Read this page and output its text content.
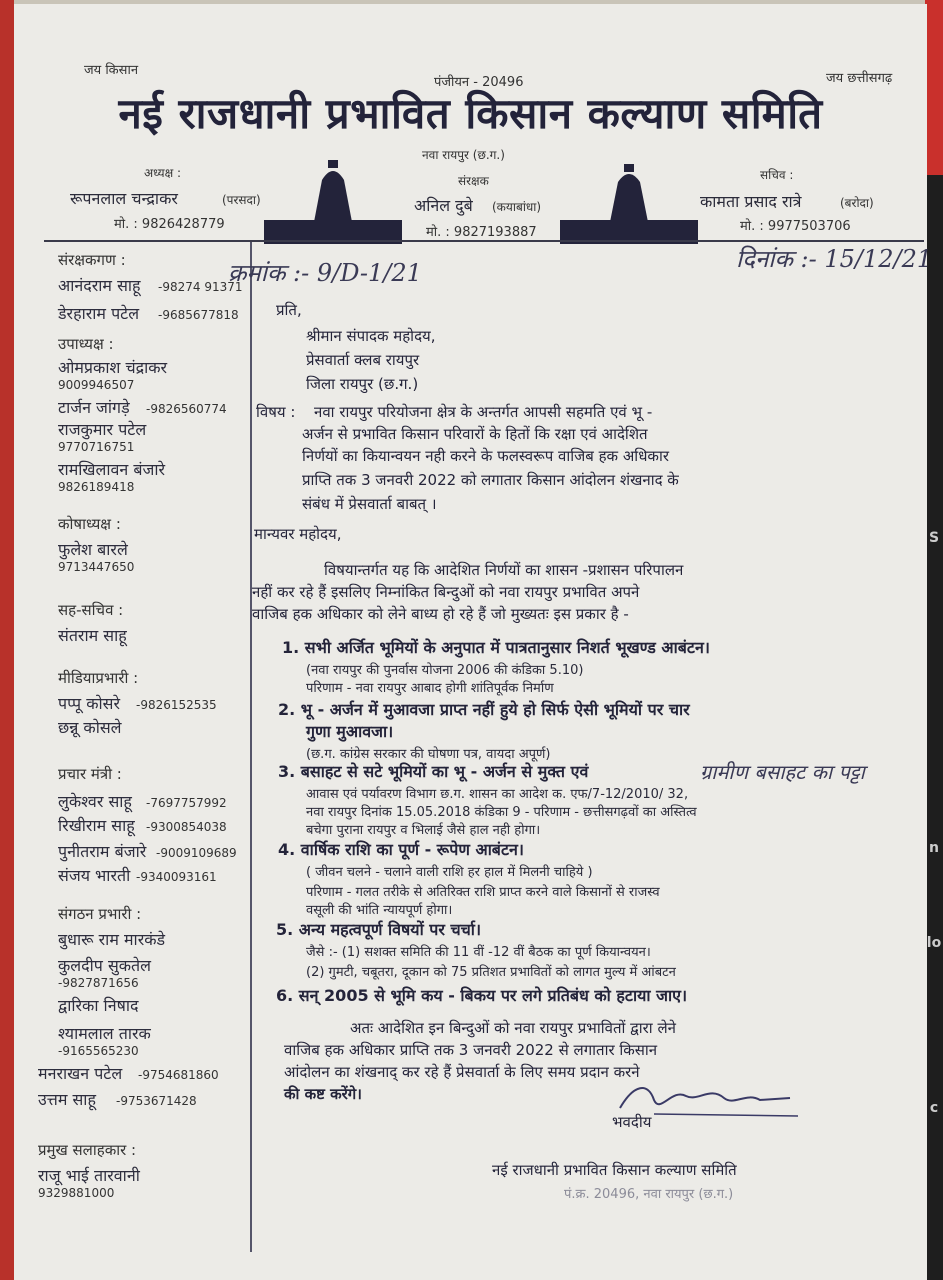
S
n
lo
c
जय किसान
जय छत्तीसगढ़
पंजीयन - 20496
नई राजधानी प्रभावित किसान कल्याण समिति
नवा रायपुर (छ.ग.)
अध्यक्ष :
रूपनलाल चन्द्राकर	(परसदा)
मो. : 9826428779
संरक्षक
अनिल दुबे (कयाबांधा)
मो. : 9827193887
सचिव :
कामता प्रसाद रात्रे	(बरोदा)
मो. : 9977503706
क्रमांक :- 9/D-1/21	दिनांक :- 15/12/21
संरक्षकगण :
आनंदराम साहू -98274 91371
डेरहाराम पटेल -9685677818
उपाध्यक्ष :
ओमप्रकाश चंद्राकर
9009946507
टार्जन जांगड़े -9826560774
राजकुमार पटेल
9770716751
रामखिलावन बंजारे
9826189418
कोषाध्यक्ष :
फुलेश बारले
9713447650
सह-सचिव :
संतराम साहू
मीडियाप्रभारी :
पप्पू कोसरे -9826152535
छन्नू कोसले
प्रचार मंत्री :
लुकेश्वर साहू -7697757992
रिखीराम साहू -9300854038
पुनीतराम बंजारे -9009109689
संजय भारती -9340093161
संगठन प्रभारी :
बुधारू राम मारकंडे
कुलदीप सुकतेल
-9827871656
द्वारिका निषाद
श्यामलाल तारक
-9165565230
मनराखन पटेल -9754681860
उत्तम साहू -9753671428
प्रमुख सलाहकार :
राजू भाई तारवानी
9329881000
प्रति,
श्रीमान संपादक महोदय,
प्रेसवार्ता क्लब रायपुर
जिला रायपुर (छ.ग.)
विषय : नवा रायपुर परियोजना क्षेत्र के अन्तर्गत आपसी सहमति एवं भू -
अर्जन से प्रभावित किसान परिवारों के हितों कि रक्षा एवं आदेशित
निर्णयों का कियान्वयन नही करने के फलस्वरूप वाजिब हक अधिकार
प्राप्ति तक 3 जनवरी 2022 को लगातार किसान आंदोलन शंखनाद के
संबंध में प्रेसवार्ता बाबत् ।
मान्यवर महोदय,
विषयान्तर्गत यह कि आदेशित निर्णयों का शासन -प्रशासन परिपालन
नहीं कर रहे हैं इसलिए निम्नांकित बिन्दुओं को नवा रायपुर प्रभावित अपने
वाजिब हक अधिकार को लेने बाध्य हो रहे हैं जो मुख्यतः इस प्रकार है -
1. सभी अर्जित भूमियों के अनुपात में पात्रतानुसार निशर्त भूखण्ड आबंटन।
(नवा रायपुर की पुनर्वास योजना 2006 की कंडिका 5.10)
परिणाम - नवा रायपुर आबाद होगी शांतिपूर्वक निर्माण
2. भू - अर्जन में मुआवजा प्राप्त नहीं हुये हो सिर्फ ऐसी भूमियों पर चार
गुणा मुआवजा।
(छ.ग. कांग्रेस सरकार की घोषणा पत्र, वायदा अपूर्ण)
3. बसाहट से सटे भूमियों का भू - अर्जन से मुक्त एवं	ग्रामीण बसाहट का पट्टा
आवास एवं पर्यावरण विभाग छ.ग. शासन का आदेश क. एफ/7-12/2010/ 32,
नवा रायपुर दिनांक 15.05.2018 कंडिका 9 - परिणाम - छत्तीसगढ़वों का अस्तित्व
बचेगा पुराना रायपुर व भिलाई जैसे हाल नही होगा।
4. वार्षिक राशि का पूर्ण - रूपेण आबंटन।
( जीवन चलने - चलाने वाली राशि हर हाल में मिलनी चाहिये )
परिणाम - गलत तरीके से अतिरिक्त राशि प्राप्त करने वाले किसानों से राजस्व
वसूली की भांति न्यायपूर्ण होगा।
5. अन्य महत्वपूर्ण विषयों पर चर्चा।
जैसे :- (1) सशक्त समिति की 11 वीं -12 वीं बैठक का पूर्ण कियान्वयन।
(2) गुमटी, चबूतरा, दूकान को 75 प्रतिशत प्रभावितों को लागत मुल्य में आंबटन
6. सन् 2005 से भूमि कय - बिकय पर लगे प्रतिबंध को हटाया जाए।
अतः आदेशित इन बिन्दुओं को नवा रायपुर प्रभावितों द्वारा लेने
वाजिब हक अधिकार प्राप्ति तक 3 जनवरी 2022 से लगातार किसान
आंदोलन का शंखनाद् कर रहे हैं प्रेसवार्ता के लिए समय प्रदान करने
की कष्ट करेंगे।
भवदीय
नई राजधानी प्रभावित किसान कल्याण समिति
पं.क्र. 20496, नवा रायपुर (छ.ग.)
